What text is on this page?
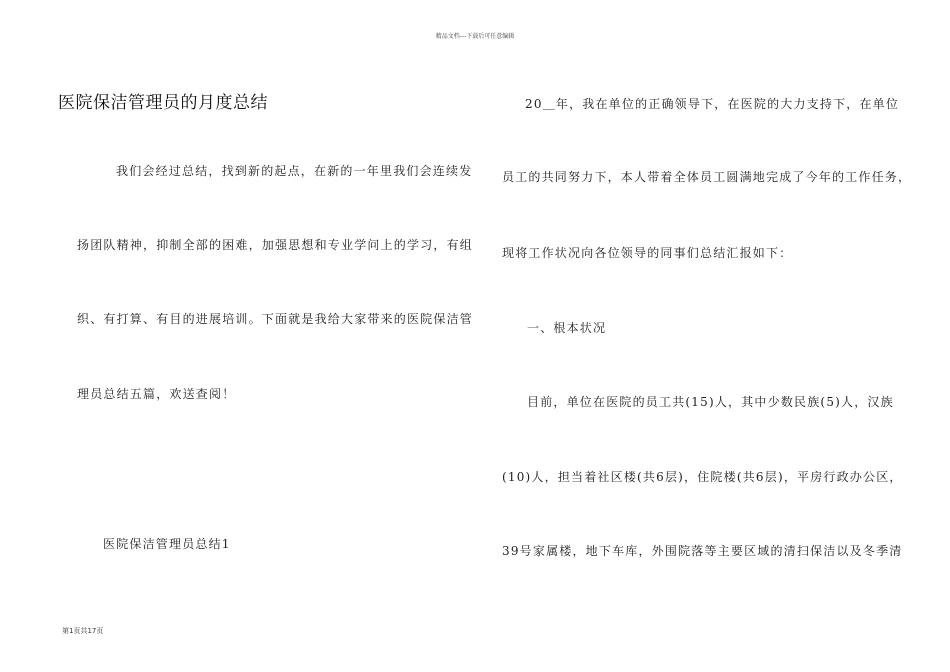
精品文档---下载后可任意编辑
医院保洁管理员的月度总结
我们会经过总结，找到新的起点，在新的一年里我们会连续发
扬团队精神，抑制全部的困难，加强思想和专业学问上的学习，有组
织、有打算、有目的进展培训。下面就是我给大家带来的医院保洁管
理员总结五篇，欢送查阅！
医院保洁管理员总结1
20＿年，我在单位的正确领导下，在医院的大力支持下，在单位
员工的共同努力下，本人带着全体员工圆满地完成了今年的工作任务，
现将工作状况向各位领导的同事们总结汇报如下：
一、根本状况
目前，单位在医院的员工共(15)人，其中少数民族(5)人，汉族
(10)人，担当着社区楼(共6层)，住院楼(共6层)，平房行政办公区，
39号家属楼，地下车库，外围院落等主要区域的清扫保洁以及冬季清
第1页共17页
